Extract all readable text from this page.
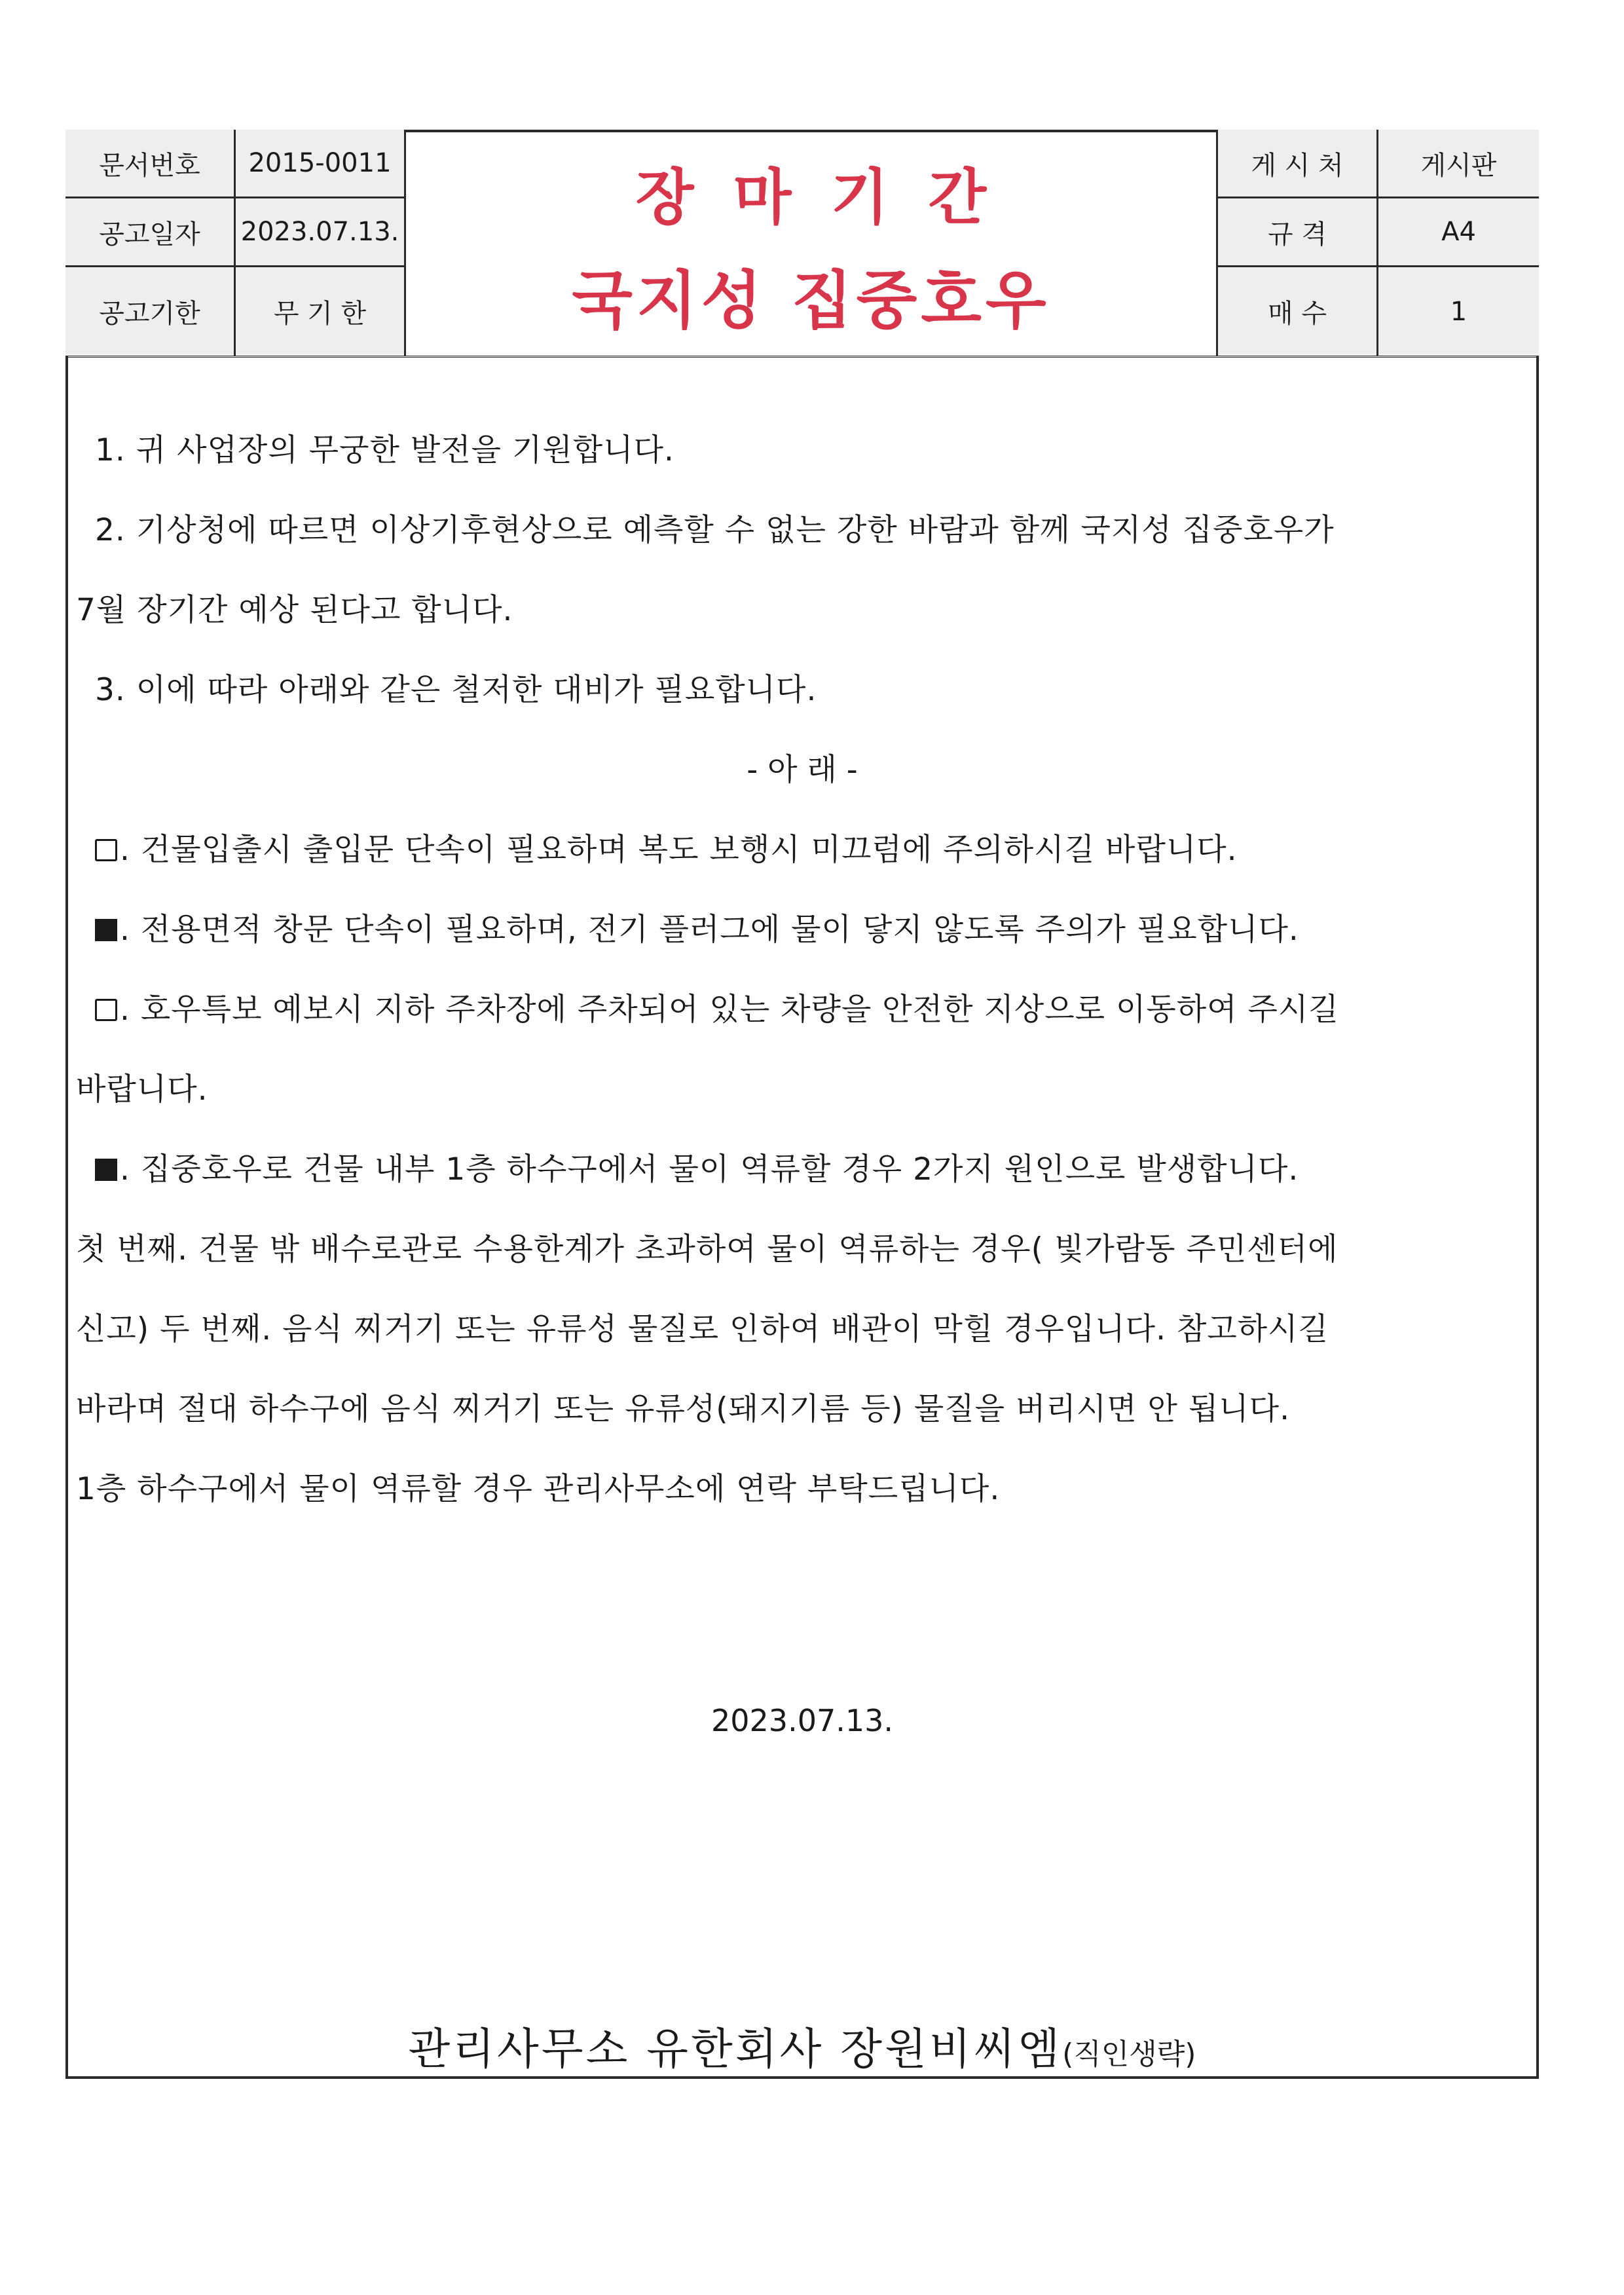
문서번호	2015-0011
공고일자	2023.07.13.
공고기한	무 기 한
장마기간
국지성 집중호우
게 시 처	게시판
규 격	A4
매 수	1
1. 귀 사업장의 무궁한 발전을 기원합니다.
2. 기상청에 따르면 이상기후현상으로 예측할 수 없는 강한 바람과 함께 국지성 집중호우가
7월 장기간 예상 된다고 합니다.
3. 이에 따라 아래와 같은 철저한 대비가 필요합니다.
- 아 래 -
. 건물입출시 출입문 단속이 필요하며 복도 보행시 미끄럼에 주의하시길 바랍니다.
. 전용면적 창문 단속이 필요하며, 전기 플러그에 물이 닿지 않도록 주의가 필요합니다.
. 호우특보 예보시 지하 주차장에 주차되어 있는 차량을 안전한 지상으로 이동하여 주시길
바랍니다.
. 집중호우로 건물 내부 1층 하수구에서 물이 역류할 경우 2가지 원인으로 발생합니다.
첫 번째. 건물 밖 배수로관로 수용한계가 초과하여 물이 역류하는 경우( 빛가람동 주민센터에
신고) 두 번째. 음식 찌거기 또는 유류성 물질로 인하여 배관이 막힐 경우입니다. 참고하시길
바라며 절대 하수구에 음식 찌거기 또는 유류성(돼지기름 등) 물질을 버리시면 안 됩니다.
1층 하수구에서 물이 역류할 경우 관리사무소에 연락 부탁드립니다.
2023.07.13.
관리사무소 유한회사 장원비씨엠(직인생략)
